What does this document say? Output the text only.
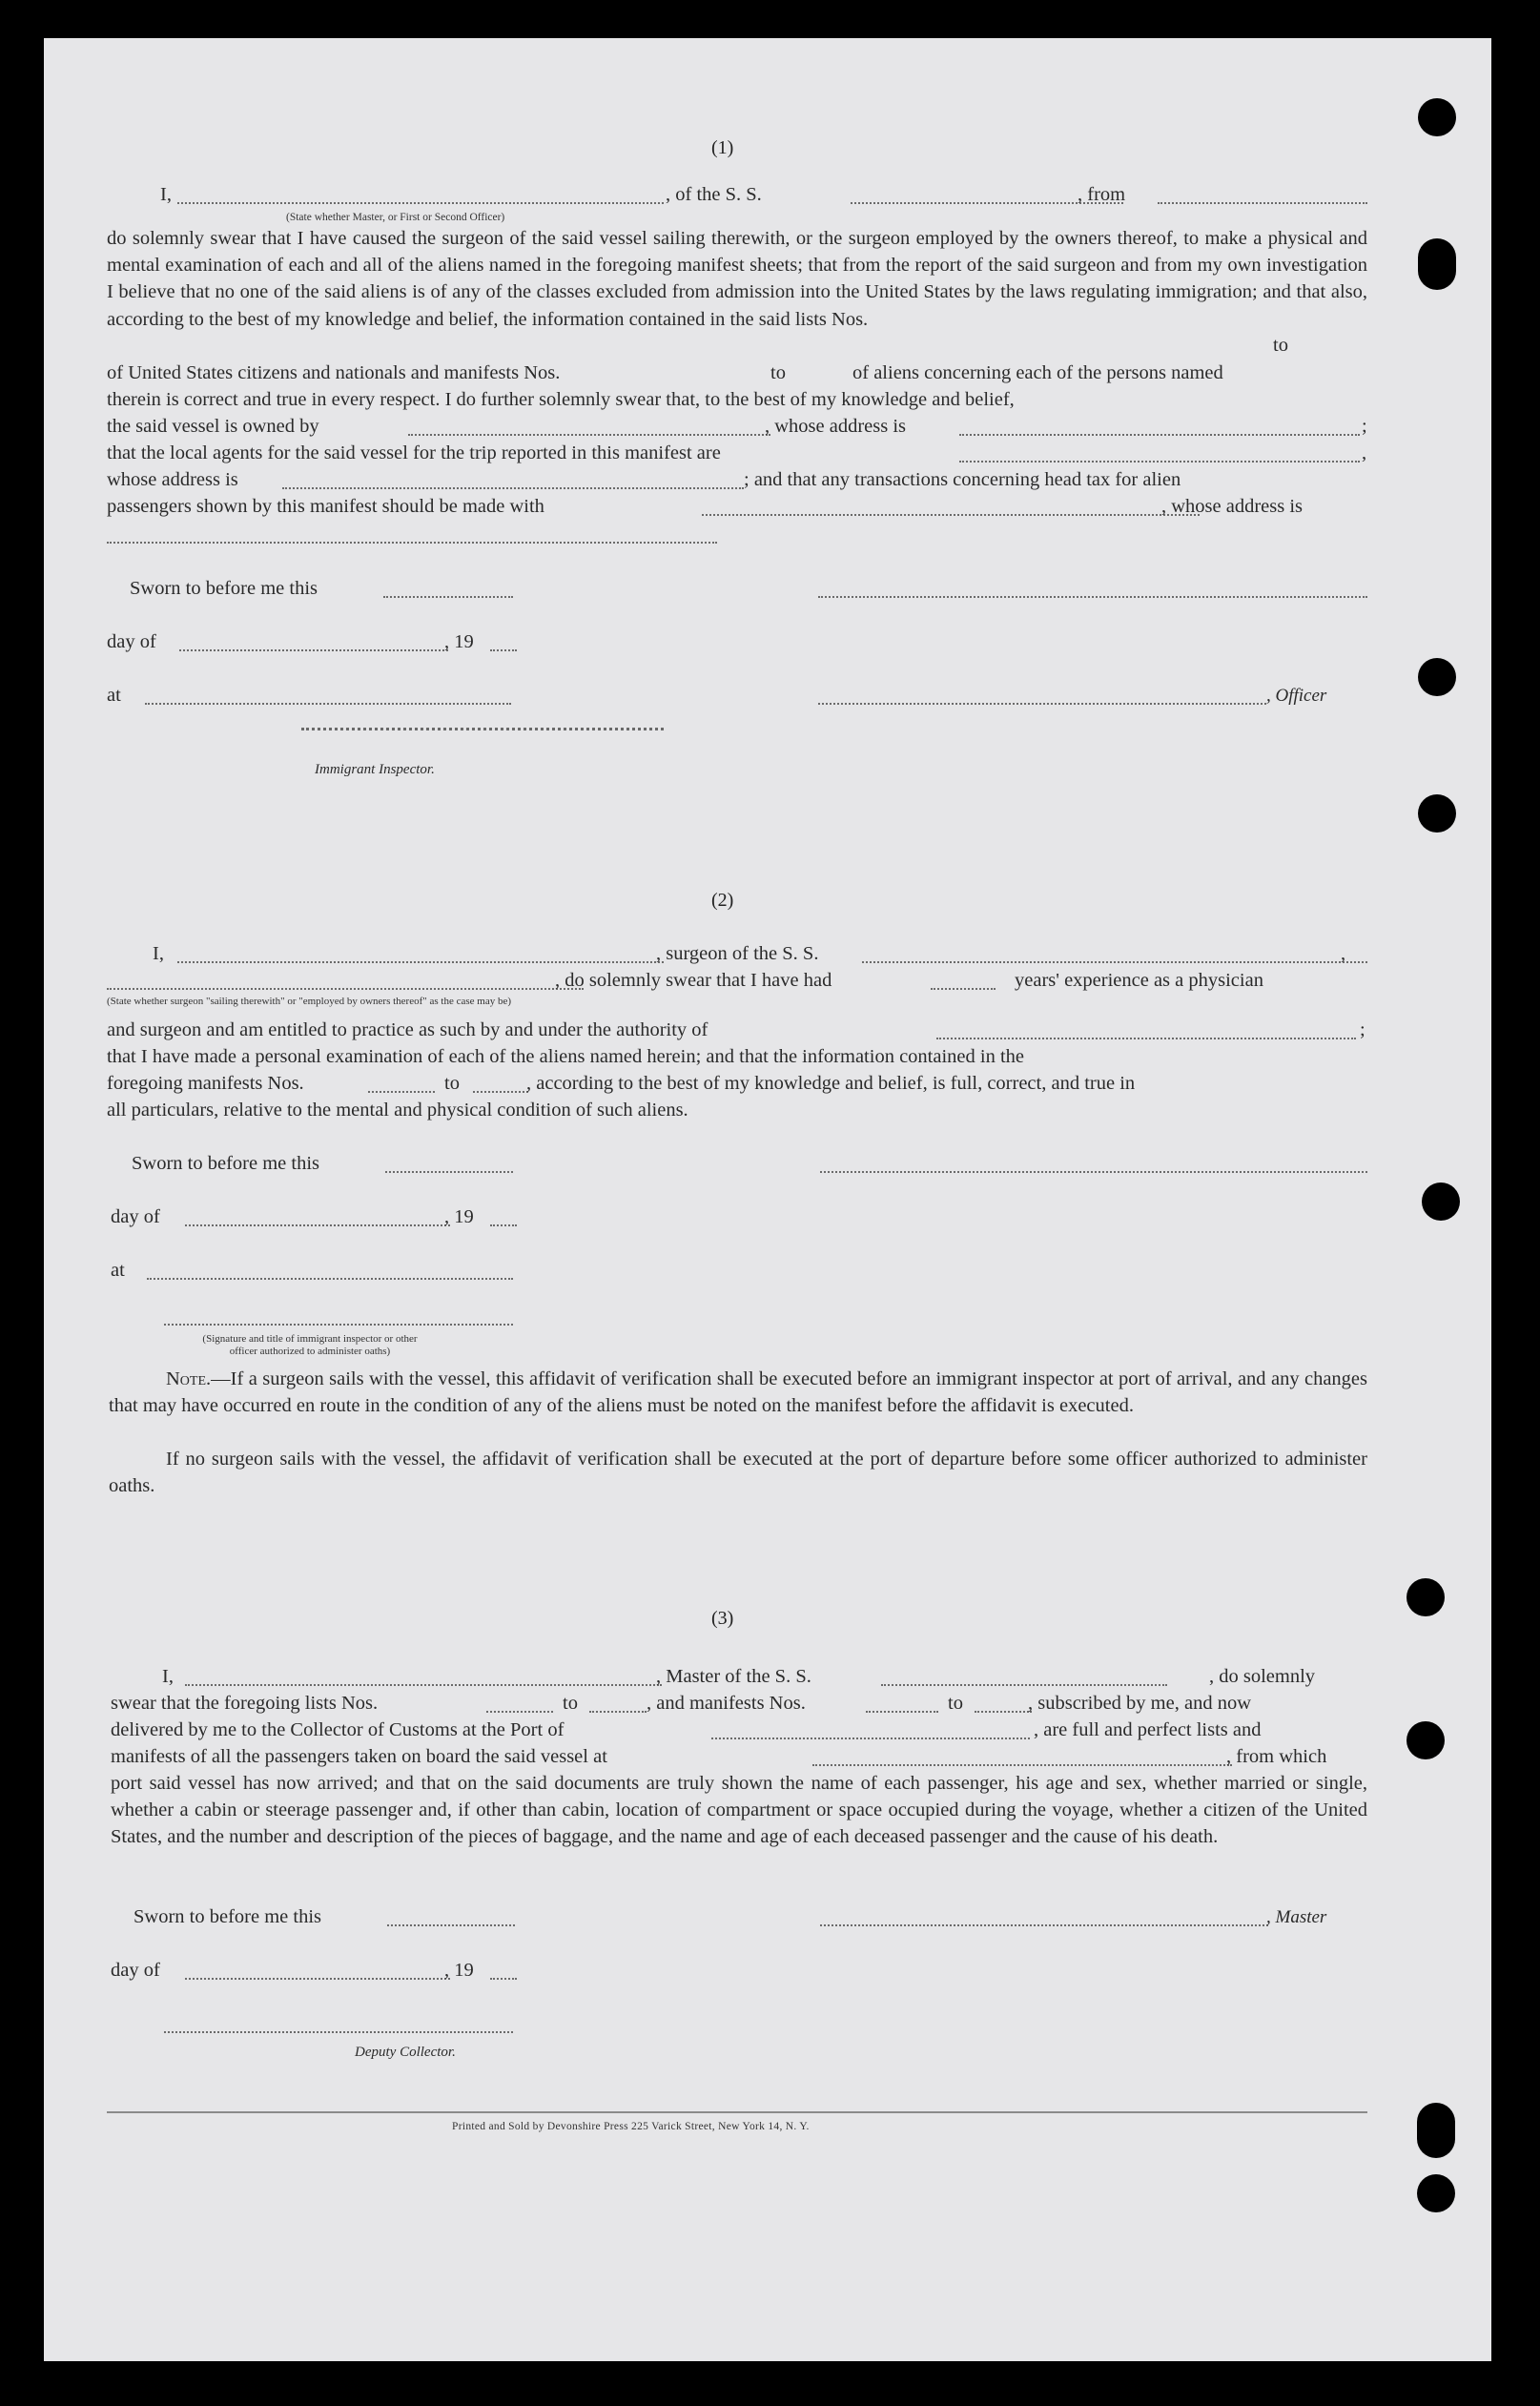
(1)
I,	, of the S. S.	, from
(State whether Master, or First or Second Officer)
do solemnly swear that I have caused the surgeon of the said vessel sailing therewith, or the surgeon employed by the owners thereof, to make a physical and mental examination of each and all of the aliens named in the foregoing manifest sheets; that from the report of the said surgeon and from my own investigation I believe that no one of the said aliens is of any of the classes excluded from admission into the United States by the laws regulating immigration; and that also, according to the best of my knowledge and belief, the information contained in the said lists Nos.
to
of United States citizens and nationals and manifests Nos.	to	of aliens concerning each of the persons named
therein is correct and true in every respect. I do further solemnly swear that, to the best of my knowledge and belief,
the said vessel is owned by	, whose address is	;
that the local agents for the said vessel for the trip reported in this manifest are	,
whose address is	; and that any transactions concerning head tax for alien
passengers shown by this manifest should be made with	, whose address is
Sworn to before me this
day of	, 19
at	, Officer
Immigrant Inspector.
(2)
I,	, surgeon of the S. S.	,
, do solemnly swear that I have had	years' experience as a physician
(State whether surgeon "sailing therewith" or "employed by owners thereof" as the case may be)
and surgeon and am entitled to practice as such by and under the authority of	;
that I have made a personal examination of each of the aliens named herein; and that the information contained in the
foregoing manifests Nos.	to	, according to the best of my knowledge and belief, is full, correct, and true in
all particulars, relative to the mental and physical condition of such aliens.
Sworn to before me this
day of	, 19
at
(Signature and title of immigrant inspector or other officer authorized to administer oaths)
Note.—If a surgeon sails with the vessel, this affidavit of verification shall be executed before an immigrant inspector at port of arrival, and any changes that may have occurred en route in the condition of any of the aliens must be noted on the manifest before the affidavit is executed.
If no surgeon sails with the vessel, the affidavit of verification shall be executed at the port of departure before some officer authorized to administer oaths.
(3)
I,	, Master of the S. S.	, do solemnly
swear that the foregoing lists Nos.	to	, and manifests Nos.	to	, subscribed by me, and now
delivered by me to the Collector of Customs at the Port of	, are full and perfect lists and
manifests of all the passengers taken on board the said vessel at	, from which
port said vessel has now arrived; and that on the said documents are truly shown the name of each passenger, his age and sex, whether married or single, whether a cabin or steerage passenger and, if other than cabin, location of compartment or space occupied during the voyage, whether a citizen of the United States, and the number and description of the pieces of baggage, and the name and age of each deceased passenger and the cause of his death.
Sworn to before me this	, Master
day of	, 19
Deputy Collector.
Printed and Sold by Devonshire Press 225 Varick Street, New York 14, N. Y.
